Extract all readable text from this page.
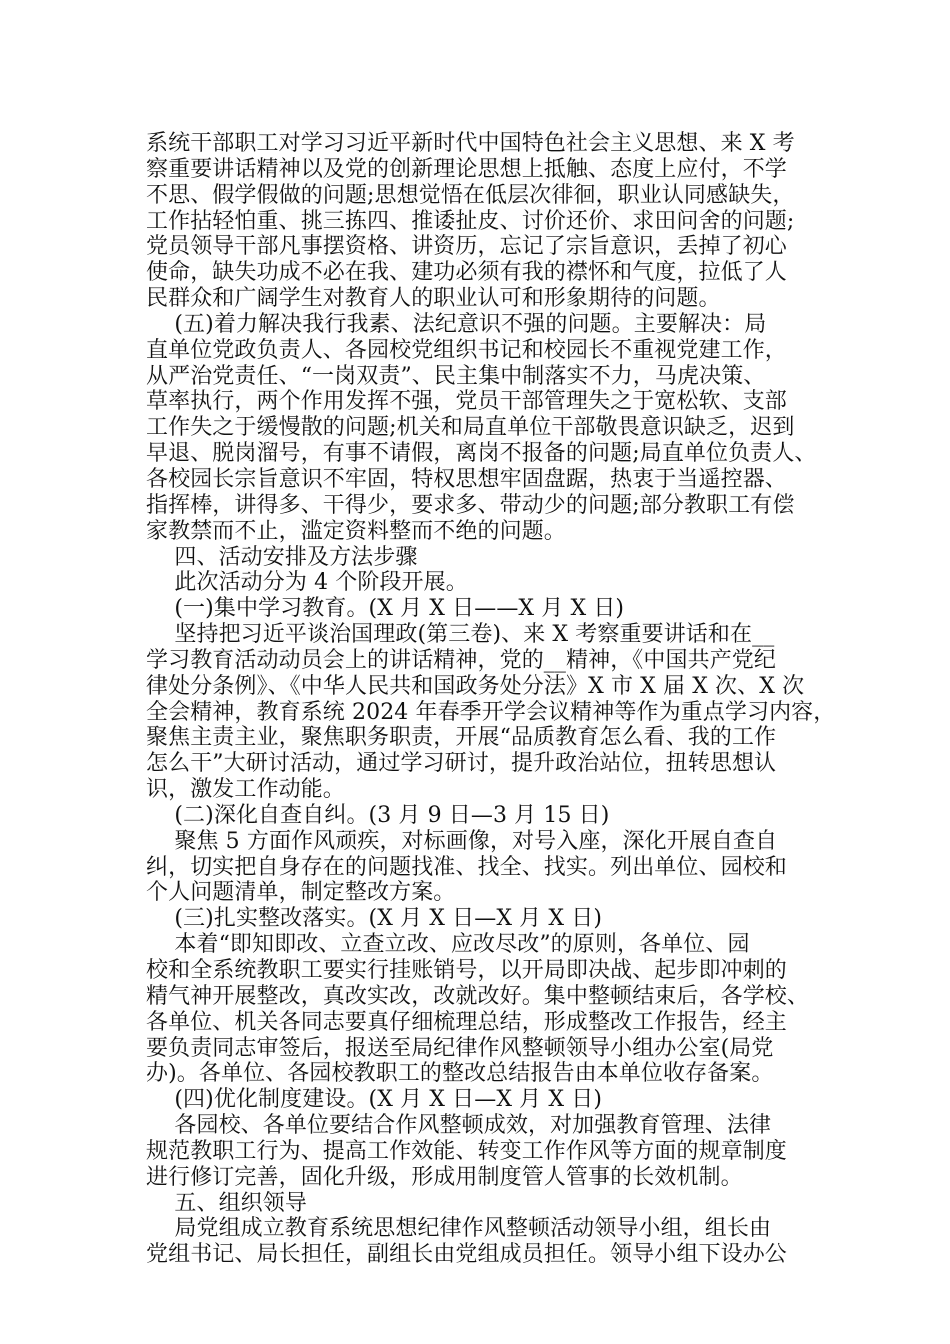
系统干部职工对学习习近平新时代中国特色社会主义思想、来 X 考
察重要讲话精神以及党的创新理论思想上抵触、态度上应付，不学
不思、假学假做的问题;思想觉悟在低层次徘徊，职业认同感缺失，
工作拈轻怕重、挑三拣四、推诿扯皮、讨价还价、求田问舍的问题;
党员领导干部凡事摆资格、讲资历，忘记了宗旨意识，丢掉了初心
使命，缺失功成不必在我、建功必须有我的襟怀和气度，拉低了人
民群众和广阔学生对教育人的职业认可和形象期待的问题。
(五)着力解决我行我素、法纪意识不强的问题。主要解决：局
直单位党政负责人、各园校党组织书记和校园长不重视党建工作，
从严治党责任、“一岗双责”、民主集中制落实不力，马虎决策、
草率执行，两个作用发挥不强，党员干部管理失之于宽松软、支部
工作失之于缓慢散的问题;机关和局直单位干部敬畏意识缺乏，迟到
早退、脱岗溜号，有事不请假，离岗不报备的问题;局直单位负责人、
各校园长宗旨意识不牢固，特权思想牢固盘踞，热衷于当遥控器、
指挥棒，讲得多、干得少，要求多、带动少的问题;部分教职工有偿
家教禁而不止，滥定资料整而不绝的问题。
四、活动安排及方法步骤
此次活动分为 4 个阶段开展。
(一)集中学习教育。(X 月 X 日——X 月 X 日)
坚持把习近平谈治国理政(第三卷)、来 X 考察重要讲话和在__
学习教育活动动员会上的讲话精神，党的__精神，《中国共产党纪
律处分条例》、《中华人民共和国政务处分法》X 市 X 届 X 次、X 次
全会精神，教育系统 2024 年春季开学会议精神等作为重点学习内容，
聚焦主责主业，聚焦职务职责，开展“品质教育怎么看、我的工作
怎么干”大研讨活动，通过学习研讨，提升政治站位，扭转思想认
识，激发工作动能。
(二)深化自查自纠。(3 月 9 日—3 月 15 日)
聚焦 5 方面作风顽疾，对标画像，对号入座，深化开展自查自
纠，切实把自身存在的问题找准、找全、找实。列出单位、园校和
个人问题清单，制定整改方案。
(三)扎实整改落实。(X 月 X 日—X 月 X 日)
本着“即知即改、立查立改、应改尽改”的原则，各单位、园
校和全系统教职工要实行挂账销号，以开局即决战、起步即冲刺的
精气神开展整改，真改实改，改就改好。集中整顿结束后，各学校、
各单位、机关各同志要真仔细梳理总结，形成整改工作报告，经主
要负责同志审签后，报送至局纪律作风整顿领导小组办公室(局党
办)。各单位、各园校教职工的整改总结报告由本单位收存备案。
(四)优化制度建设。(X 月 X 日—X 月 X 日)
各园校、各单位要结合作风整顿成效，对加强教育管理、法律
规范教职工行为、提高工作效能、转变工作作风等方面的规章制度
进行修订完善，固化升级，形成用制度管人管事的长效机制。
五、组织领导
局党组成立教育系统思想纪律作风整顿活动领导小组，组长由
党组书记、局长担任，副组长由党组成员担任。领导小组下设办公
